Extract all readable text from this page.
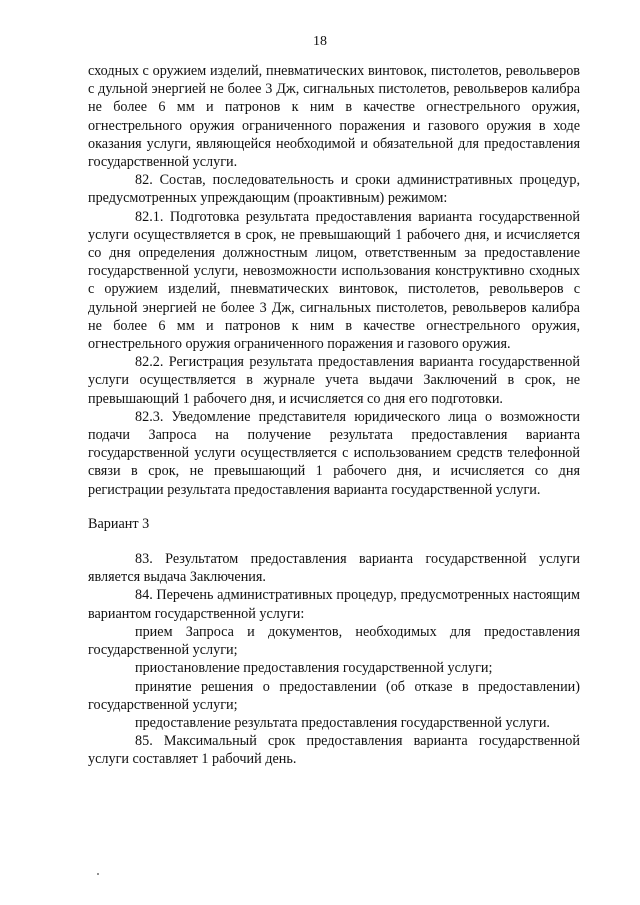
18

сходных с оружием изделий, пневматических винтовок, пистолетов, револьверов с дульной энергией не более 3 Дж, сигнальных пистолетов, револьверов калибра не более 6 мм и патронов к ним в качестве огнестрельного оружия, огнестрельного оружия ограниченного поражения и газового оружия в ходе оказания услуги, являющейся необходимой и обязательной для предоставления государственной услуги.

82. Состав, последовательность и сроки административных процедур, предусмотренных упреждающим (проактивным) режимом:

82.1. Подготовка результата предоставления варианта государственной услуги осуществляется в срок, не превышающий 1 рабочего дня, и исчисляется со дня определения должностным лицом, ответственным за предоставление государственной услуги, невозможности использования конструктивно сходных с оружием изделий, пневматических винтовок, пистолетов, револьверов с дульной энергией не более 3 Дж, сигнальных пистолетов, револьверов калибра не более 6 мм и патронов к ним в качестве огнестрельного оружия, огнестрельного оружия ограниченного поражения и газового оружия.

82.2. Регистрация результата предоставления варианта государственной услуги осуществляется в журнале учета выдачи Заключений в срок, не превышающий 1 рабочего дня, и исчисляется со дня его подготовки.

82.3. Уведомление представителя юридического лица о возможности подачи Запроса на получение результата предоставления варианта государственной услуги осуществляется с использованием средств телефонной связи в срок, не превышающий 1 рабочего дня, и исчисляется со дня регистрации результата предоставления варианта государственной услуги.

Вариант 3

83. Результатом предоставления варианта государственной услуги является выдача Заключения.

84. Перечень административных процедур, предусмотренных настоящим вариантом государственной услуги:

прием Запроса и документов, необходимых для предоставления государственной услуги;

приостановление предоставления государственной услуги;

принятие решения о предоставлении (об отказе в предоставлении) государственной услуги;

предоставление результата предоставления государственной услуги.

85. Максимальный срок предоставления варианта государственной услуги составляет 1 рабочий день.
